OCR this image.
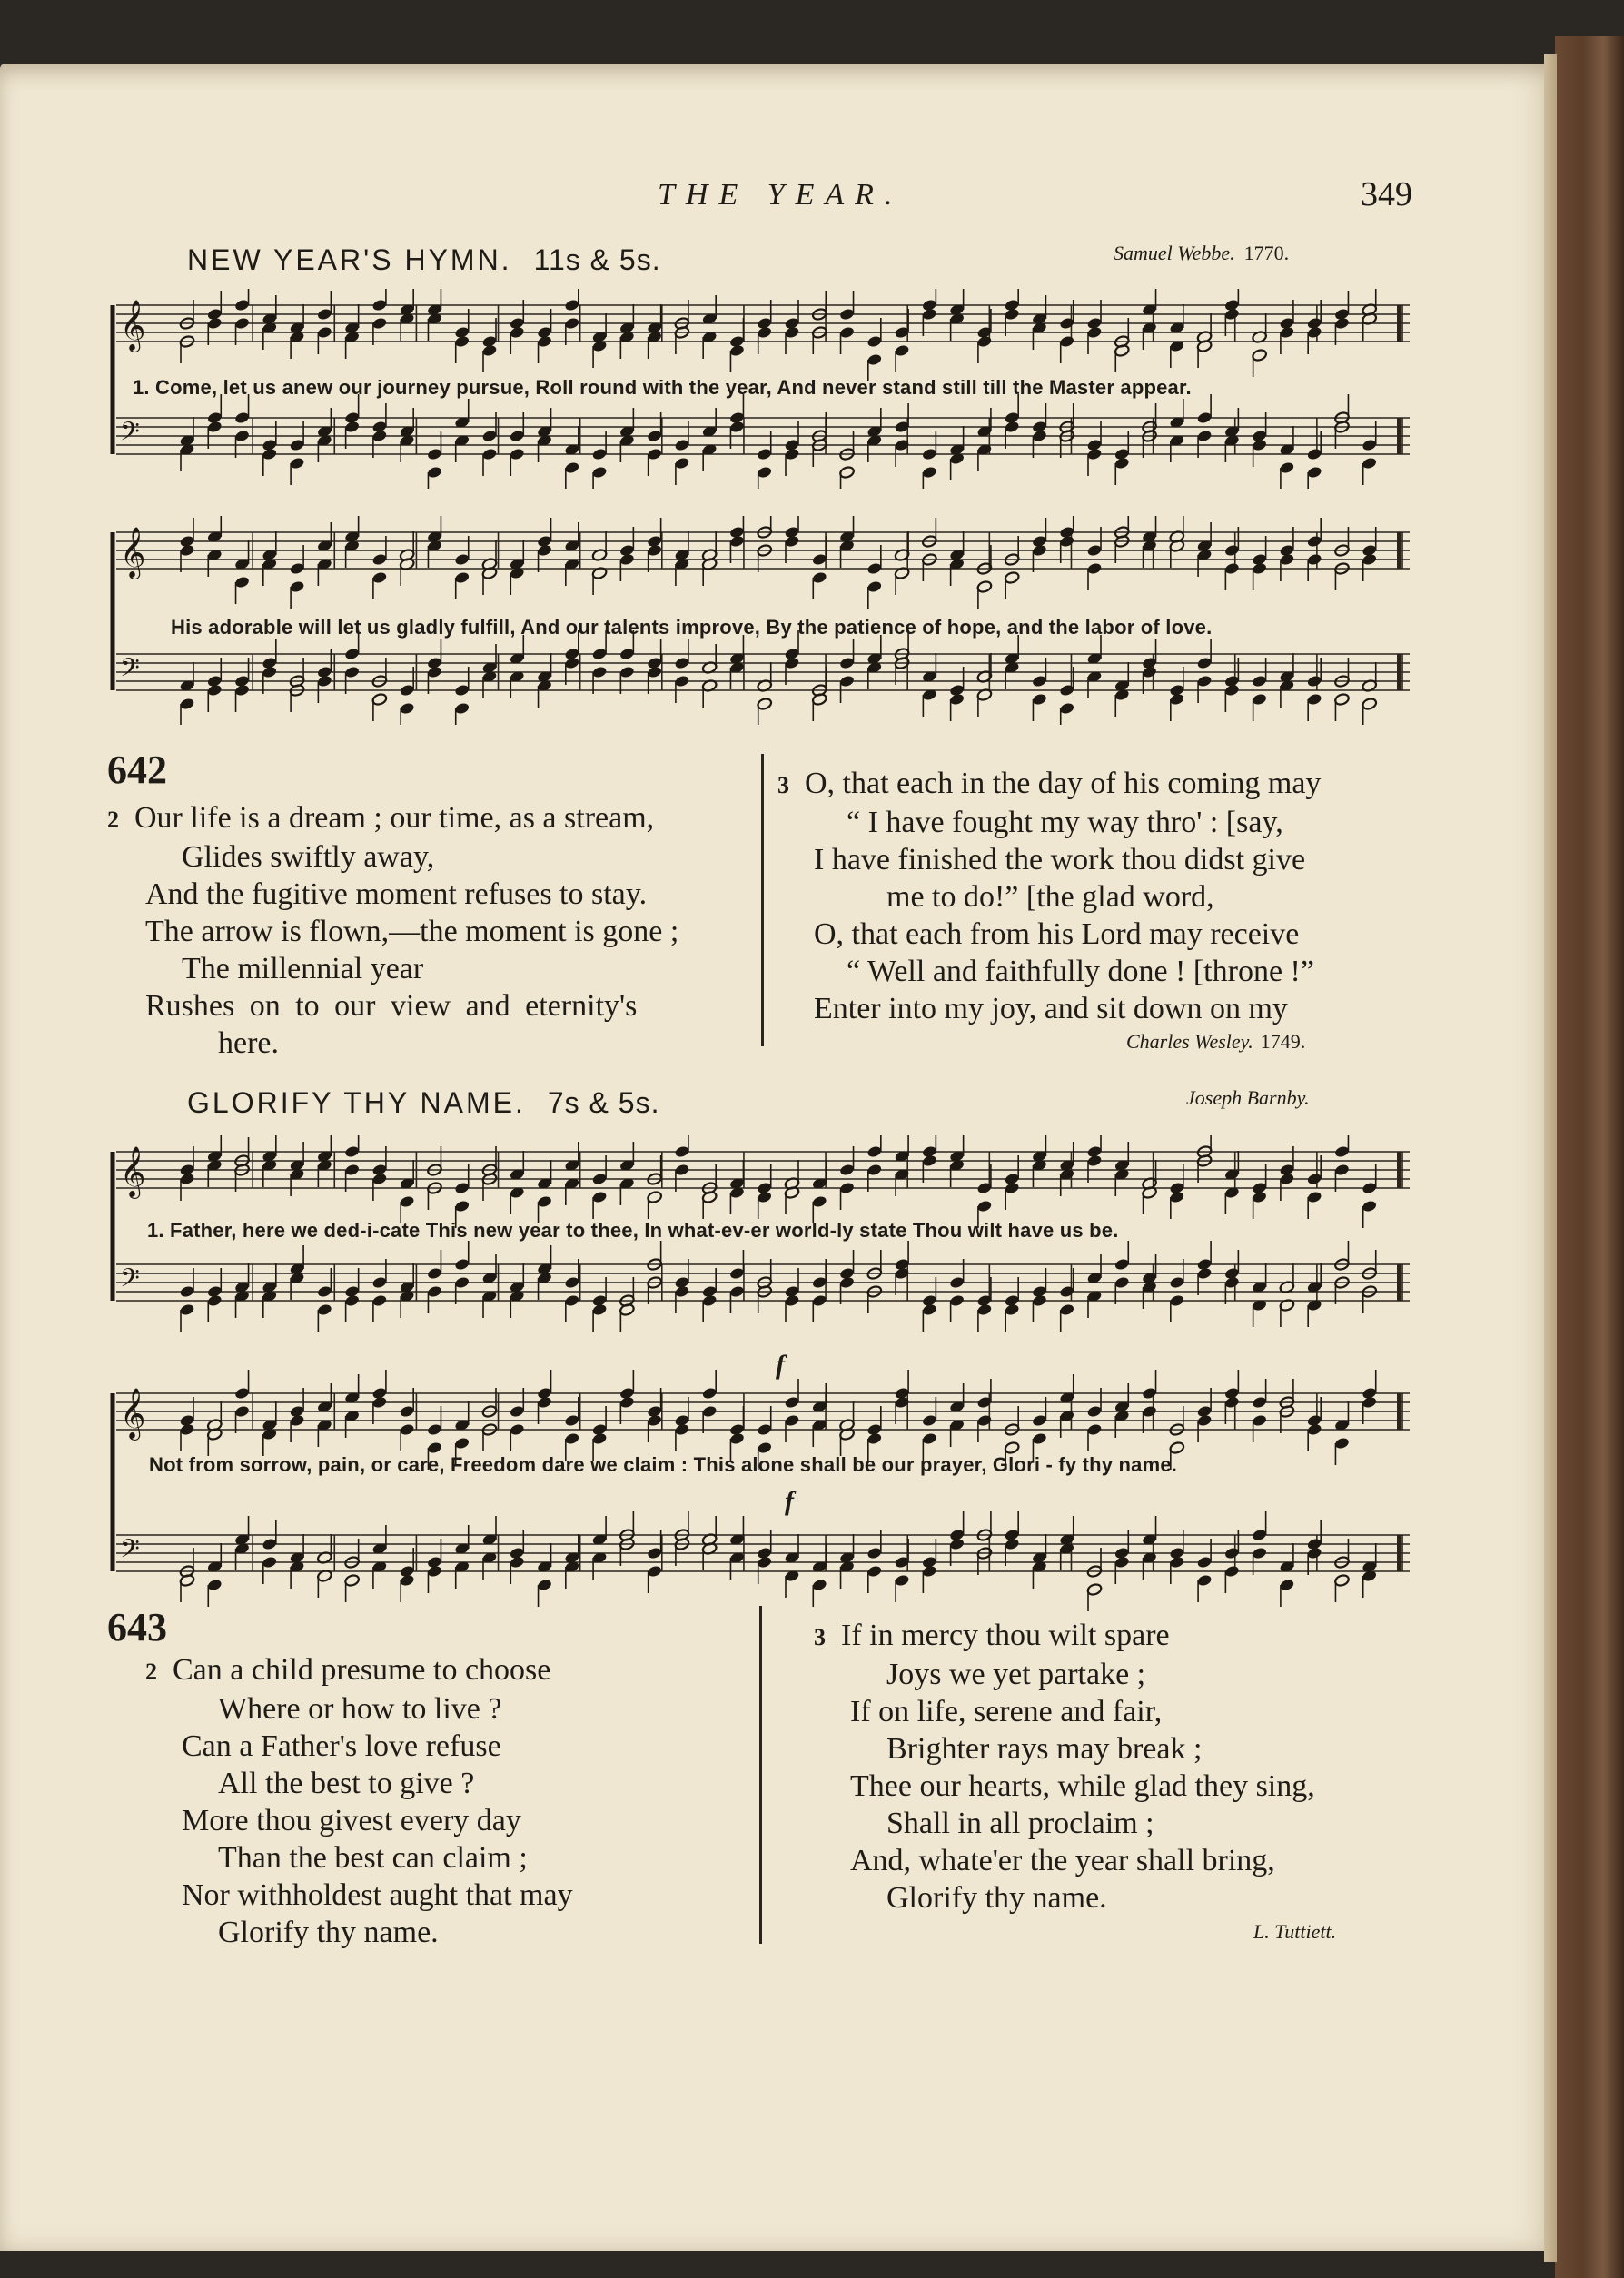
THE YEAR.	349
NEW YEAR'S HYMN. 11s & 5s.	Samuel Webbe. 1770.
𝄞
𝄢
1. Come, let us anew our journey pursue, Roll round with the year, And never stand still till the Master appear.
𝄞
𝄢
His adorable will let us gladly fulfill, And our talents improve, By the patience of hope, and the labor of love.
642
2 Our life is a dream ; our time, as a stream,
Glides swiftly away,
And the fugitive moment refuses to stay.
The arrow is flown,—the moment is gone ;
The millennial year
Rushes on to our view and eternity's
here.
3 O, that each in the day of his coming may
“ I have fought my way thro' : [say,
I have finished the work thou didst give
me to do!” [the glad word,
O, that each from his Lord may receive
“ Well and faithfully done ! [throne !”
Enter into my joy, and sit down on my
Charles Wesley. 1749.
GLORIFY THY NAME. 7s & 5s.	Joseph Barnby.
𝄞
𝄢
1. Father, here we ded-i-cate This new year to thee, In what-ev-er world-ly state Thou wilt have us be.
𝄞
𝄢
Not from sorrow, pain, or care, Freedom dare we claim : This alone shall be our prayer, Glori - fy thy name.
f
f
643
2 Can a child presume to choose
Where or how to live ?
Can a Father's love refuse
All the best to give ?
More thou givest every day
Than the best can claim ;
Nor withholdest aught that may
Glorify thy name.
3 If in mercy thou wilt spare
Joys we yet partake ;
If on life, serene and fair,
Brighter rays may break ;
Thee our hearts, while glad they sing,
Shall in all proclaim ;
And, whate'er the year shall bring,
Glorify thy name.
L. Tuttiett.
